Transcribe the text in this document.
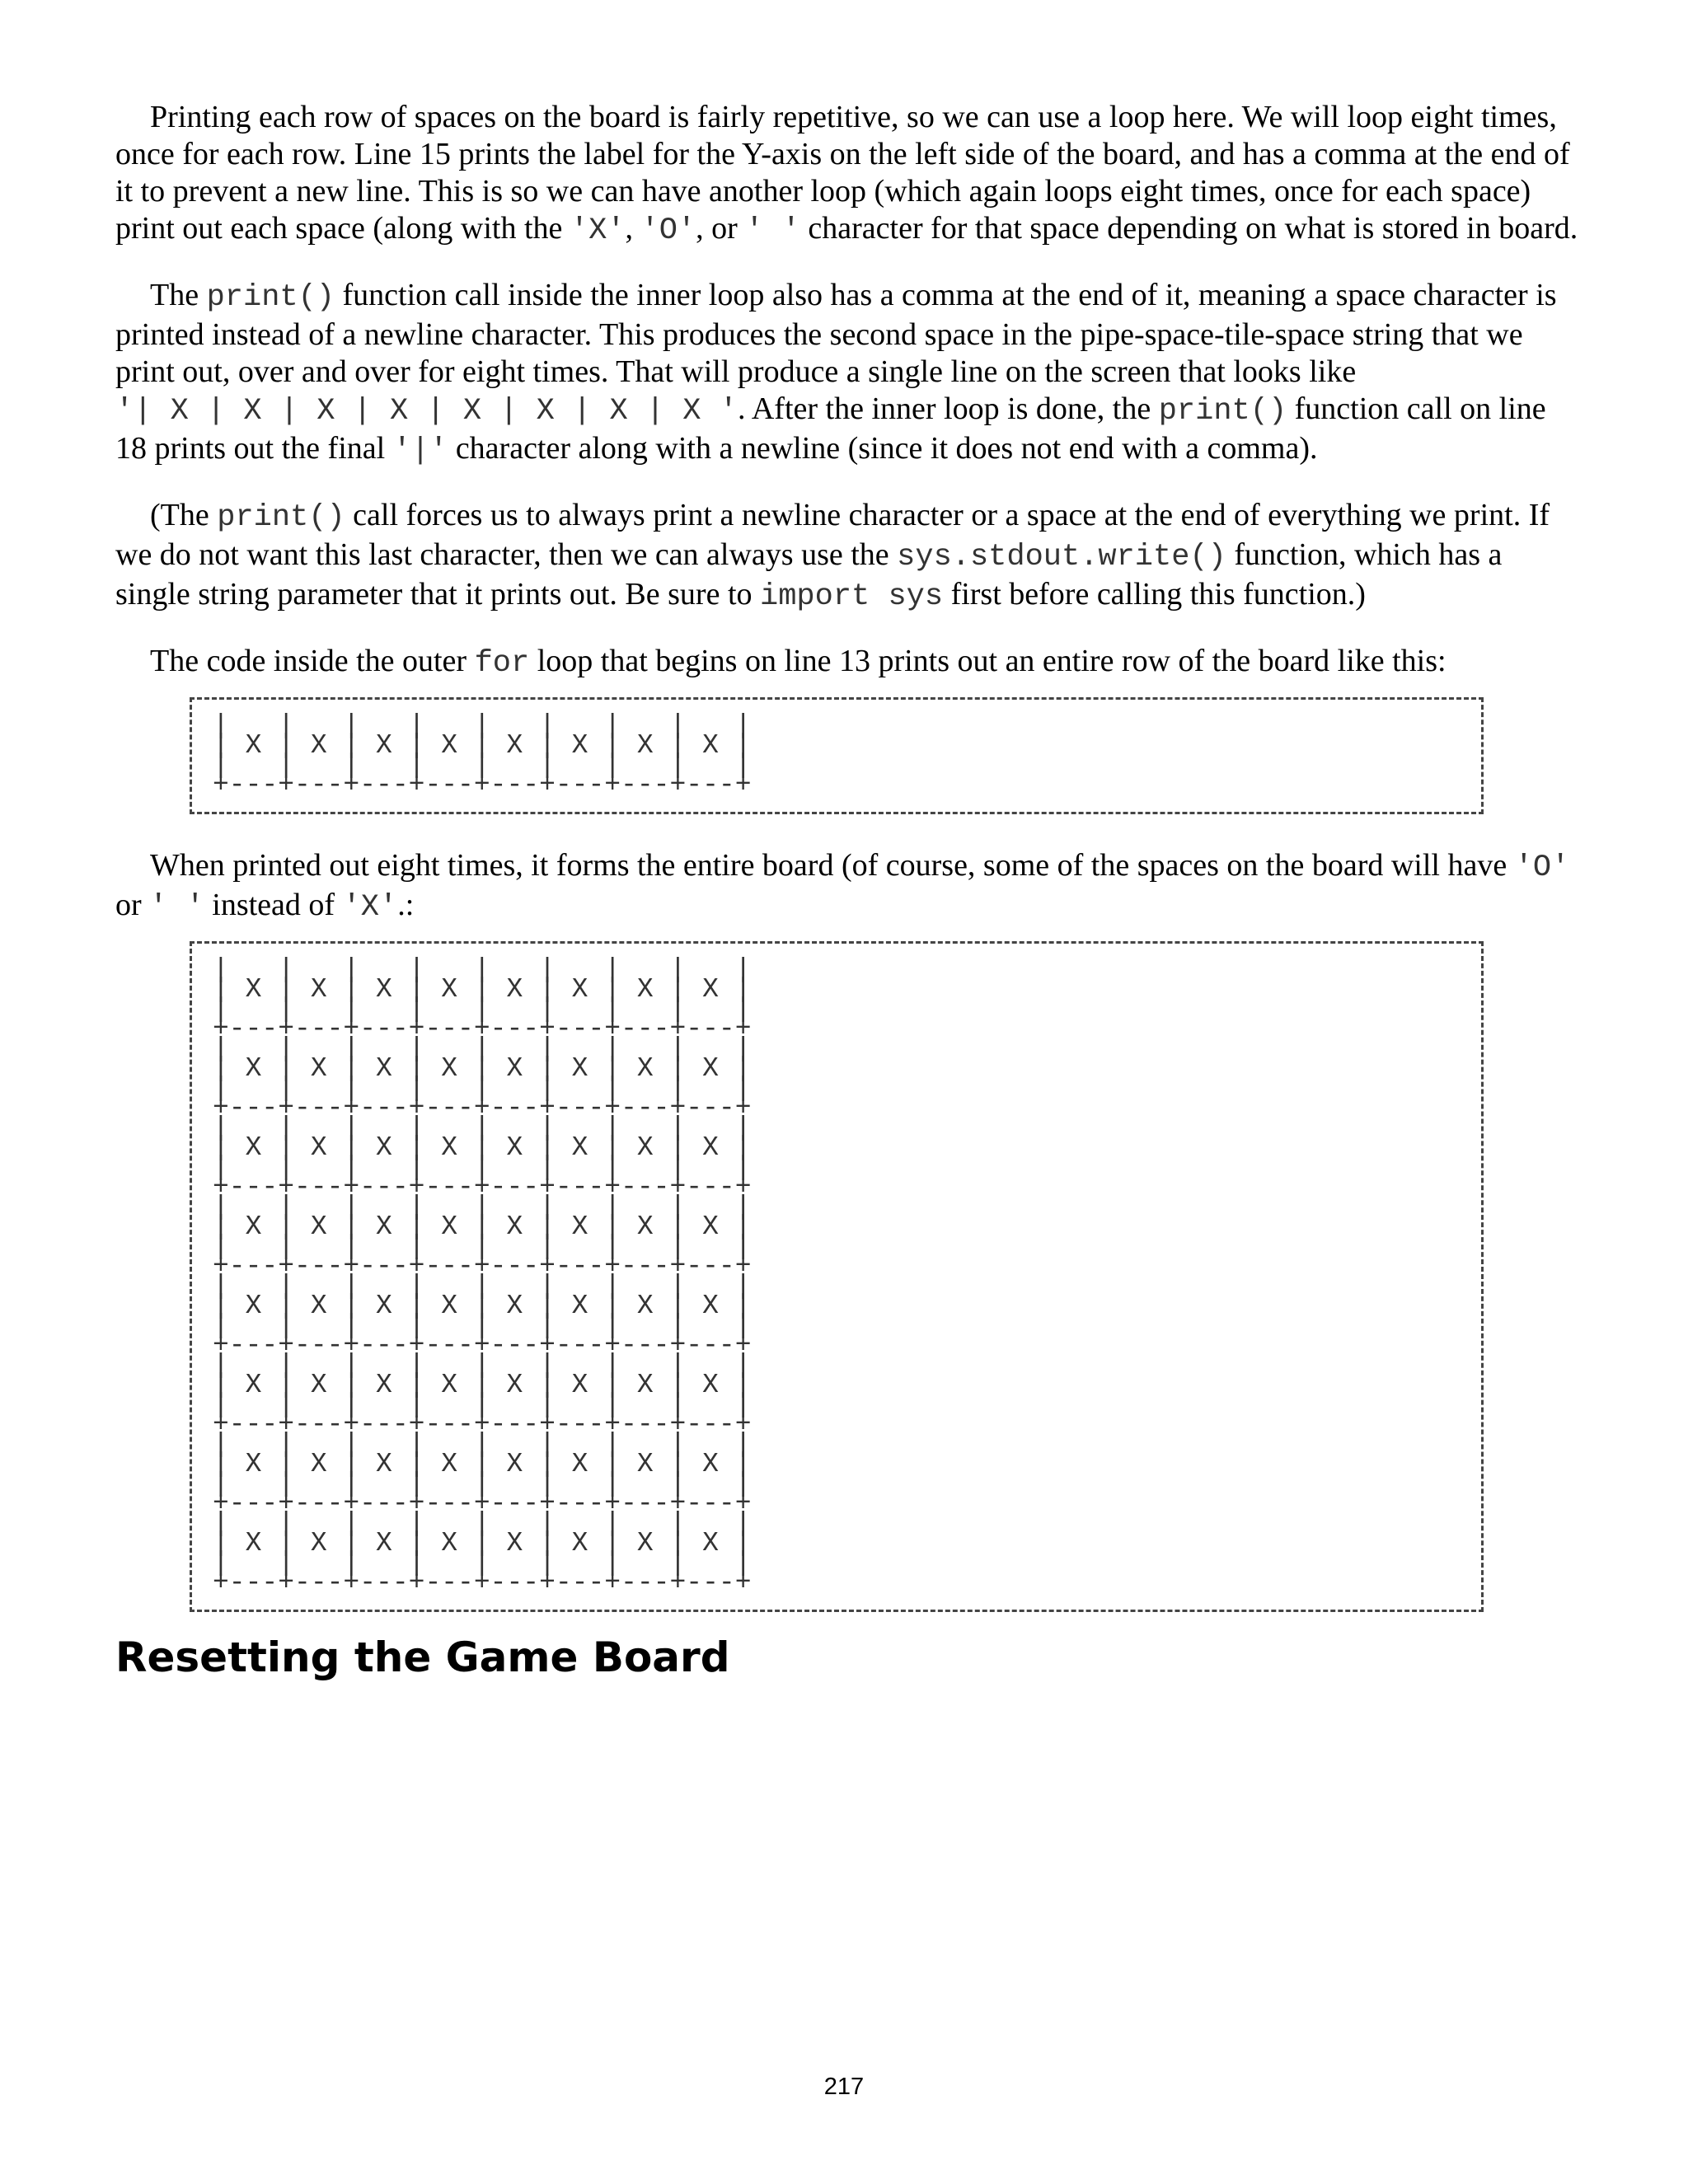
Printing each row of spaces on the board is fairly repetitive, so we can use a loop here. We will loop eight times, once for each row. Line 15 prints the label for the Y-axis on the left side of the board, and has a comma at the end of it to prevent a new line. This is so we can have another loop (which again loops eight times, once for each space) print out each space (along with the 'X', 'O', or ' ' character for that space depending on what is stored in board.

The print() function call inside the inner loop also has a comma at the end of it, meaning a space character is printed instead of a newline character. This produces the second space in the pipe-space-tile-space string that we print out, over and over for eight times. That will produce a single line on the screen that looks like '| X | X | X | X | X | X | X | X '. After the inner loop is done, the print() function call on line 18 prints out the final '|' character along with a newline (since it does not end with a comma).

(The print() call forces us to always print a newline character or a space at the end of everything we print. If we do not want this last character, then we can always use the sys.stdout.write() function, which has a single string parameter that it prints out. Be sure to import sys first before calling this function.)

The code inside the outer for loop that begins on line 13 prints out an entire row of the board like this:

|   |   |   |   |   |   |   |   |
| X | X | X | X | X | X | X | X |
|   |   |   |   |   |   |   |   |
+---+---+---+---+---+---+---+---+

When printed out eight times, it forms the entire board (of course, some of the spaces on the board will have 'O' or ' ' instead of 'X'.:

|   |   |   |   |   |   |   |   |
| X | X | X | X | X | X | X | X |
|   |   |   |   |   |   |   |   |
+---+---+---+---+---+---+---+---+
|   |   |   |   |   |   |   |   |
| X | X | X | X | X | X | X | X |
|   |   |   |   |   |   |   |   |
+---+---+---+---+---+---+---+---+
|   |   |   |   |   |   |   |   |
| X | X | X | X | X | X | X | X |
|   |   |   |   |   |   |   |   |
+---+---+---+---+---+---+---+---+
|   |   |   |   |   |   |   |   |
| X | X | X | X | X | X | X | X |
|   |   |   |   |   |   |   |   |
+---+---+---+---+---+---+---+---+
|   |   |   |   |   |   |   |   |
| X | X | X | X | X | X | X | X |
|   |   |   |   |   |   |   |   |
+---+---+---+---+---+---+---+---+
|   |   |   |   |   |   |   |   |
| X | X | X | X | X | X | X | X |
|   |   |   |   |   |   |   |   |
+---+---+---+---+---+---+---+---+
|   |   |   |   |   |   |   |   |
| X | X | X | X | X | X | X | X |
|   |   |   |   |   |   |   |   |
+---+---+---+---+---+---+---+---+
|   |   |   |   |   |   |   |   |
| X | X | X | X | X | X | X | X |
|   |   |   |   |   |   |   |   |
+---+---+---+---+---+---+---+---+
Resetting the Game Board
217
